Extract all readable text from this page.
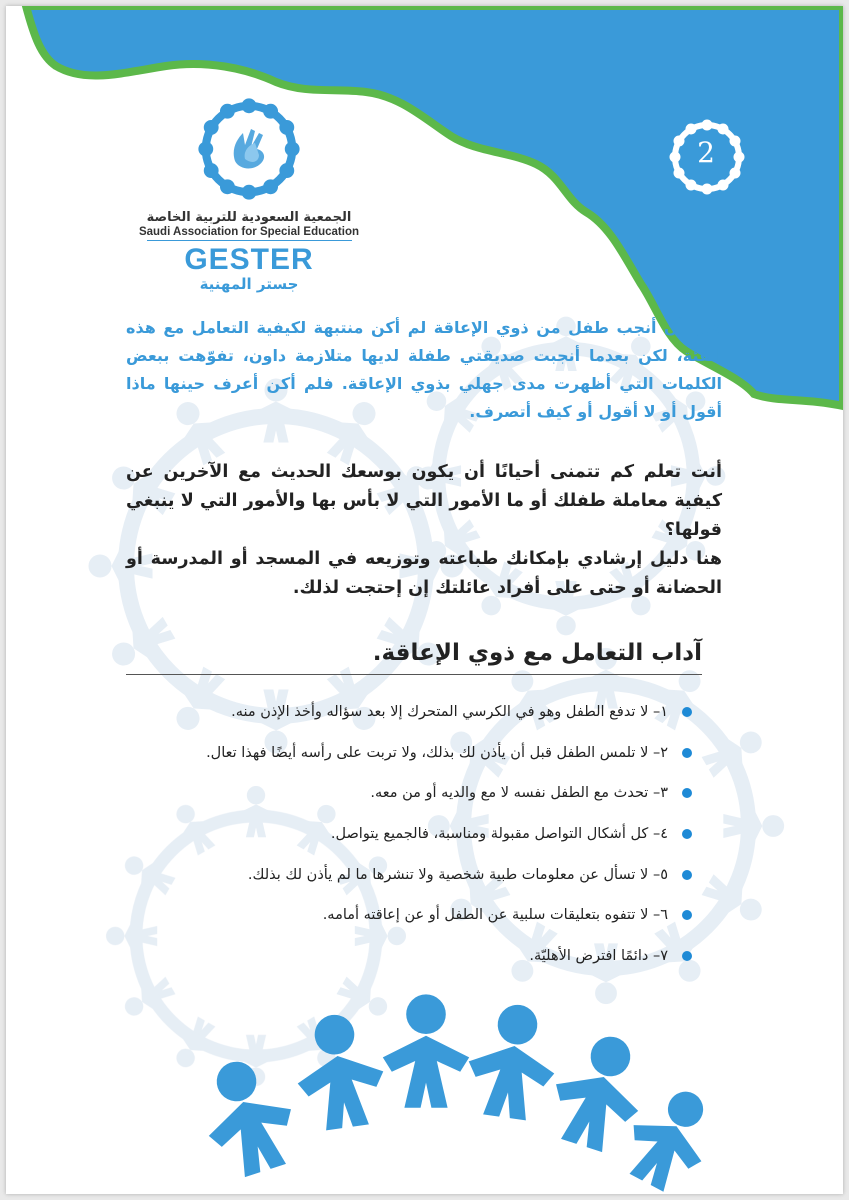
2
الجمعية السعودية للتربية الخاصة
Saudi Association for Special Education
GESTER
جستر المهنية
قبل أن أنجب طفل من ذوي الإعاقة لم أكن منتبهة لكيفية التعامل مع هذه الفئة، لكن بعدما أنجبت صديقتي طفلة لديها متلازمة داون، تفوّهت ببعض الكلمات التي أظهرت مدى جهلي بذوي الإعاقة. فلم أكن أعرف حينها ماذا أقول أو لا أقول أو كيف أتصرف.

أنت تعلم كم تتمنى أحيانًا أن يكون بوسعك الحديث مع الآخرين عن كيفية معاملة طفلك أو ما الأمور التي لا بأس بها والأمور التي لا ينبغي قولها؟

هنا دليل إرشادي بإمكانك طباعته وتوزيعه في المسجد أو المدرسة أو الحضانة أو حتى على أفراد عائلتك إن إحتجت لذلك.

آداب التعامل مع ذوي الإعاقة.
١– لا تدفع الطفل وهو في الكرسي المتحرك إلا بعد سؤاله وأخذ الإذن منه.
٢– لا تلمس الطفل قبل أن يأذن لك بذلك، ولا تربت على رأسه أيضًا فهذا تعال.
٣– تحدث مع الطفل نفسه لا مع والديه أو من معه.
٤– كل أشكال التواصل مقبولة ومناسبة، فالجميع يتواصل.
٥– لا تسأل عن معلومات طبية شخصية ولا تنشرها ما لم يأذن لك بذلك.
٦– لا تتفوه بتعليقات سلبية عن الطفل أو عن إعاقته أمامه.
٧– دائمًا افترض الأهليّة.
